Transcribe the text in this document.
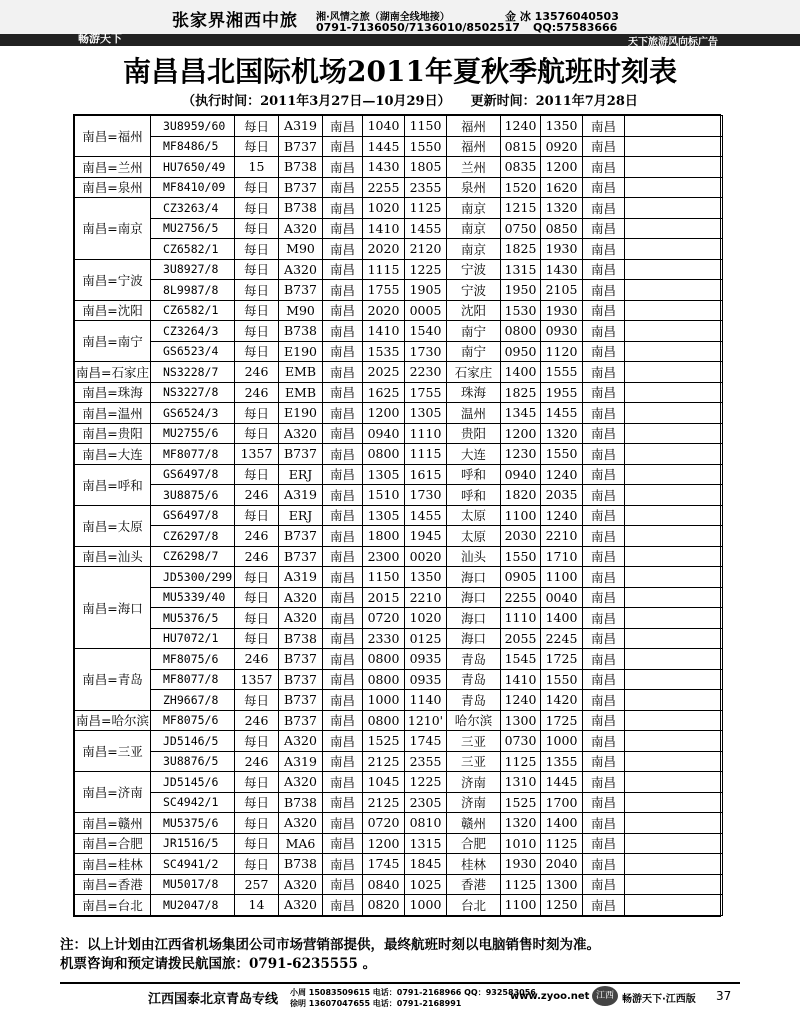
畅游天下
张家界湘西中旅 湘·风情之旅（湖南全线地接）	金 冰 13576040503
0791-7136050/7136010/8502517 QQ:57583666
天下旅游风向标广告
南昌昌北国际机场2011年夏秋季航班时刻表
（执行时间：2011年3月27日—10月29日） 更新时间：2011年7月28日
南昌=福州	3U8959/60	每日	A319	南昌	1040	1150	福州	1240	1350	南昌	
	MF8486/5	每日	B737	南昌	1445	1550	福州	0815	0920	南昌	
南昌=兰州	HU7650/49	15	B738	南昌	1430	1805	兰州	0835	1200	南昌	
南昌=泉州	MF8410/09	每日	B737	南昌	2255	2355	泉州	1520	1620	南昌	
南昌=南京	CZ3263/4	每日	B738	南昌	1020	1125	南京	1215	1320	南昌	
	MU2756/5	每日	A320	南昌	1410	1455	南京	0750	0850	南昌	
	CZ6582/1	每日	M90	南昌	2020	2120	南京	1825	1930	南昌	
南昌=宁波	3U8927/8	每日	A320	南昌	1115	1225	宁波	1315	1430	南昌	
	8L9987/8	每日	B737	南昌	1755	1905	宁波	1950	2105	南昌	
南昌=沈阳	CZ6582/1	每日	M90	南昌	2020	0005	沈阳	1530	1930	南昌	
南昌=南宁	CZ3264/3	每日	B738	南昌	1410	1540	南宁	0800	0930	南昌	
	GS6523/4	每日	E190	南昌	1535	1730	南宁	0950	1120	南昌	
南昌=石家庄	NS3228/7	246	EMB	南昌	2025	2230	石家庄	1400	1555	南昌	
南昌=珠海	NS3227/8	246	EMB	南昌	1625	1755	珠海	1825	1955	南昌	
南昌=温州	GS6524/3	每日	E190	南昌	1200	1305	温州	1345	1455	南昌	
南昌=贵阳	MU2755/6	每日	A320	南昌	0940	1110	贵阳	1200	1320	南昌	
南昌=大连	MF8077/8	1357	B737	南昌	0800	1115	大连	1230	1550	南昌	
南昌=呼和	GS6497/8	每日	ERJ	南昌	1305	1615	呼和	0940	1240	南昌	
	3U8875/6	246	A319	南昌	1510	1730	呼和	1820	2035	南昌	
南昌=太原	GS6497/8	每日	ERJ	南昌	1305	1455	太原	1100	1240	南昌	
	CZ6297/8	246	B737	南昌	1800	1945	太原	2030	2210	南昌	
南昌=汕头	CZ6298/7	246	B737	南昌	2300	0020	汕头	1550	1710	南昌	
南昌=海口	JD5300/299	每日	A319	南昌	1150	1350	海口	0905	1100	南昌	
	MU5339/40	每日	A320	南昌	2015	2210	海口	2255	0040	南昌	
	MU5376/5	每日	A320	南昌	0720	1020	海口	1110	1400	南昌	
	HU7072/1	每日	B738	南昌	2330	0125	海口	2055	2245	南昌	
南昌=青岛	MF8075/6	246	B737	南昌	0800	0935	青岛	1545	1725	南昌	
	MF8077/8	1357	B737	南昌	0800	0935	青岛	1410	1550	南昌	
	ZH9667/8	每日	B737	南昌	1000	1140	青岛	1240	1420	南昌	
南昌=哈尔滨	MF8075/6	246	B737	南昌	0800	1210'	哈尔滨	1300	1725	南昌	
南昌=三亚	JD5146/5	每日	A320	南昌	1525	1745	三亚	0730	1000	南昌	
	3U8876/5	246	A319	南昌	2125	2355	三亚	1125	1355	南昌	
南昌=济南	JD5145/6	每日	A320	南昌	1045	1225	济南	1310	1445	南昌	
	SC4942/1	每日	B738	南昌	2125	2305	济南	1525	1700	南昌	
南昌=赣州	MU5375/6	每日	A320	南昌	0720	0810	赣州	1320	1400	南昌	
南昌=合肥	JR1516/5	每日	MA6	南昌	1200	1315	合肥	1010	1125	南昌	
南昌=桂林	SC4941/2	每日	B738	南昌	1745	1845	桂林	1930	2040	南昌	
南昌=香港	MU5017/8	257	A320	南昌	0840	1025	香港	1125	1300	南昌	
南昌=台北	MU2047/8	14	A320	南昌	0820	1000	台北	1100	1250	南昌	
注：以上计划由江西省机场集团公司市场营销部提供，最终航班时刻以电脑销售时刻为准。
机票咨询和预定请拨民航国旅：0791-6235555 。
江西国泰北京青岛专线 小周 15083509615 电话：0791-2168966 QQ：932583056
徐明 13607047655 电话：0791-2168991
www.zyoo.net 江西 畅游天下·江西版 37
